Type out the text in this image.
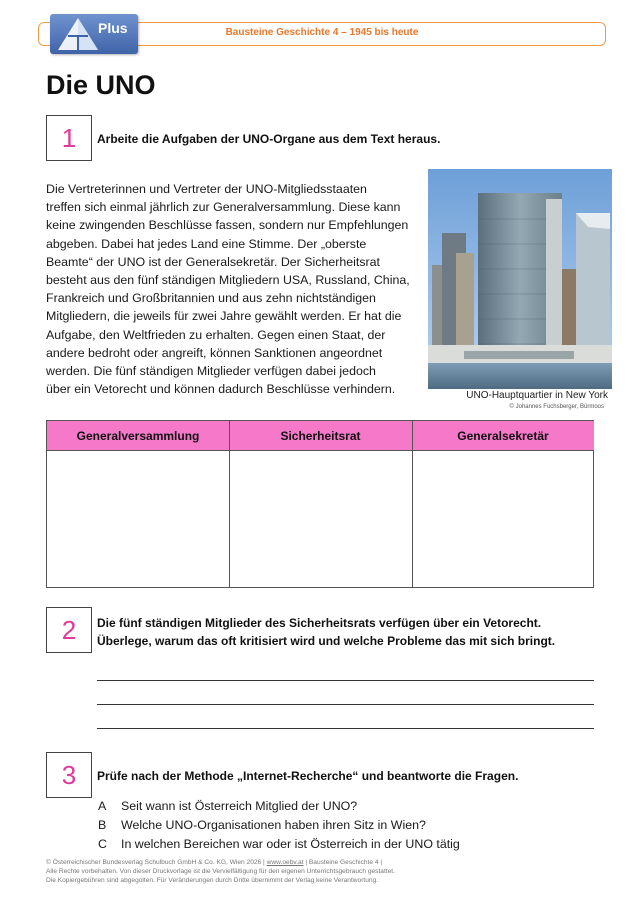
Bausteine Geschichte 4 – 1945 bis heute
Plus
Die UNO
1 Arbeite die Aufgaben der UNO-Organe aus dem Text heraus.
Die Vertreterinnen und Vertreter der UNO-Mitgliedsstaaten
treffen sich einmal jährlich zur Generalversammlung. Diese kann
keine zwingenden Beschlüsse fassen, sondern nur Empfehlungen
abgeben. Dabei hat jedes Land eine Stimme. Der „oberste
Beamte“ der UNO ist der Generalsekretär. Der Sicherheitsrat
besteht aus den fünf ständigen Mitgliedern USA, Russland, China,
Frankreich und Großbritannien und aus zehn nichtständigen
Mitgliedern, die jeweils für zwei Jahre gewählt werden. Er hat die
Aufgabe, den Weltfrieden zu erhalten. Gegen einen Staat, der
andere bedroht oder angreift, können Sanktionen angeordnet
werden. Die fünf ständigen Mitglieder verfügen dabei jedoch
über ein Vetorecht und können dadurch Beschlüsse verhindern.	UNO-Hauptquartier in New York
© Johannes Fuchsberger, Bürmoos
Generalversammlung	Sicherheitsrat	Generalsekretär
2 Die fünf ständigen Mitglieder des Sicherheitsrats verfügen über ein Vetorecht.
Überlege, warum das oft kritisiert wird und welche Probleme das mit sich bringt.
3 Prüfe nach der Methode „Internet-Recherche“ und beantworte die Fragen.
A Seit wann ist Österreich Mitglied der UNO?
B Welche UNO-Organisationen haben ihren Sitz in Wien?
C In welchen Bereichen war oder ist Österreich in der UNO tätig
© Österreichischer Bundesverlag Schulbuch GmbH & Co. KG, Wien 2026 | www.oebv.at | Bausteine Geschichte 4 |
Alle Rechte vorbehalten. Von dieser Druckvorlage ist die Vervielfältigung für den eigenen Unterrichtsgebrauch gestattet.
Die Kopiergebühren sind abgegolten. Für Veränderungen durch Dritte übernimmt der Verlag keine Verantwortung.
